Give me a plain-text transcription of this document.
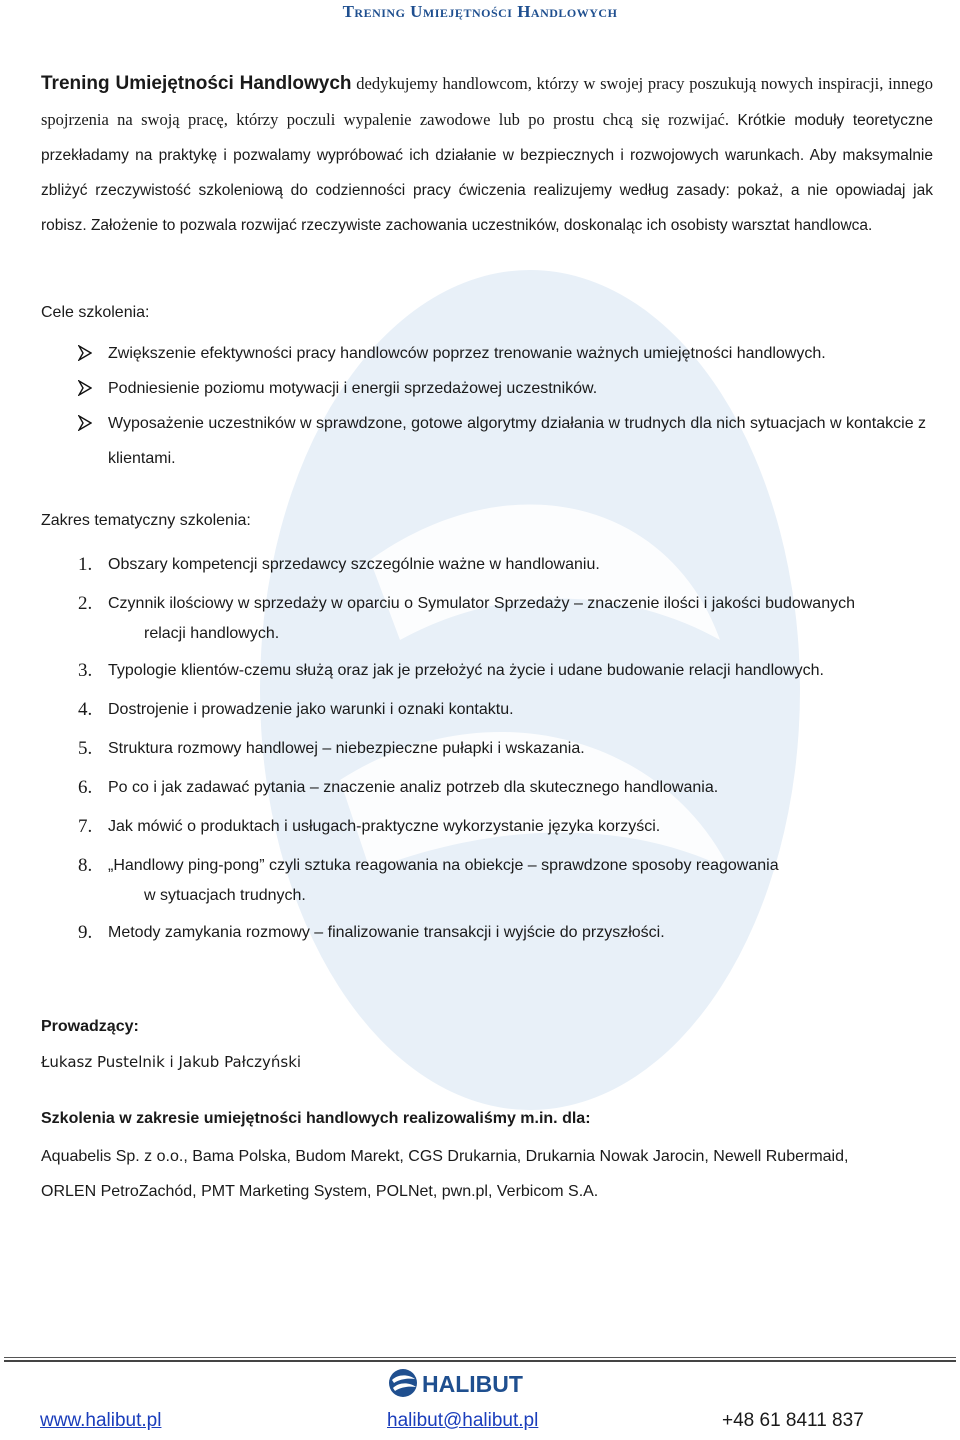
Trening Umiejętności Handlowych

Trening Umiejętności Handlowych dedykujemy handlowcom, którzy w swojej pracy poszukują nowych inspiracji, innego spojrzenia na swoją pracę, którzy poczuli wypalenie zawodowe lub po prostu chcą się rozwijać. Krótkie moduły teoretyczne przekładamy na praktykę i pozwalamy wypróbować ich działanie w bezpiecznych i rozwojowych warunkach. Aby maksymalnie zbliżyć rzeczywistość szkoleniową do codzienności pracy ćwiczenia realizujemy według zasady: pokaż, a nie opowiadaj jak robisz. Założenie to pozwala rozwijać rzeczywiste zachowania uczestników, doskonaląc ich osobisty warsztat handlowca.

Cele szkolenia:
Zwiększenie efektywności pracy handlowców poprzez trenowanie ważnych umiejętności handlowych.
Podniesienie poziomu motywacji i energii sprzedażowej uczestników.
Wyposażenie uczestników w sprawdzone, gotowe algorytmy działania w trudnych dla nich sytuacjach w kontakcie z klientami.
Zakres tematyczny szkolenia:
1. Obszary kompetencji sprzedawcy szczególnie ważne w handlowaniu.
2. Czynnik ilościowy w sprzedaży w oparciu o Symulator Sprzedaży – znaczenie ilości i jakości budowanych
relacji handlowych.
3. Typologie klientów-czemu służą oraz jak je przełożyć na życie i udane budowanie relacji handlowych.
4. Dostrojenie i prowadzenie jako warunki i oznaki kontaktu.
5. Struktura rozmowy handlowej – niebezpieczne pułapki i wskazania.
6. Po co i jak zadawać pytania – znaczenie analiz potrzeb dla skutecznego handlowania.
7. Jak mówić o produktach i usługach-praktyczne wykorzystanie języka korzyści.
8. „Handlowy ping-pong” czyli sztuka reagowania na obiekcje – sprawdzone sposoby reagowania
w sytuacjach trudnych.
9. Metody zamykania rozmowy – finalizowanie transakcji i wyjście do przyszłości.
Prowadzący:

Łukasz Pustelnik i Jakub Pałczyński

Szkolenia w zakresie umiejętności handlowych realizowaliśmy m.in. dla:

Aquabelis Sp. z o.o., Bama Polska, Budom Marekt, CGS Drukarnia, Drukarnia Nowak Jarocin, Newell Rubermaid,

ORLEN PetroZachód, PMT Marketing System, POLNet, pwn.pl, Verbicom S.A.

HALIBUT
www.halibut.pl	halibut@halibut.pl	+48 61 8411 837
